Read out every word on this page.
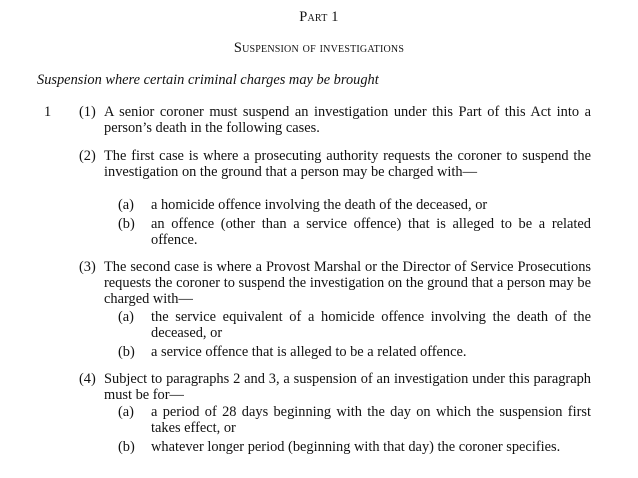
Part 1
Suspension of investigations
Suspension where certain criminal charges may be brought
1 (1) A senior coroner must suspend an investigation under this Part of this Act into a person’s death in the following cases.
(2) The first case is where a prosecuting authority requests the coroner to suspend the investigation on the ground that a person may be charged with—
(a) a homicide offence involving the death of the deceased, or
(b) an offence (other than a service offence) that is alleged to be a related offence.
(3) The second case is where a Provost Marshal or the Director of Service Prosecutions requests the coroner to suspend the investigation on the ground that a person may be charged with—
(a) the service equivalent of a homicide offence involving the death of the deceased, or
(b) a service offence that is alleged to be a related offence.
(4) Subject to paragraphs 2 and 3, a suspension of an investigation under this paragraph must be for—
(a) a period of 28 days beginning with the day on which the suspension first takes effect, or
(b) whatever longer period (beginning with that day) the coroner specifies.
